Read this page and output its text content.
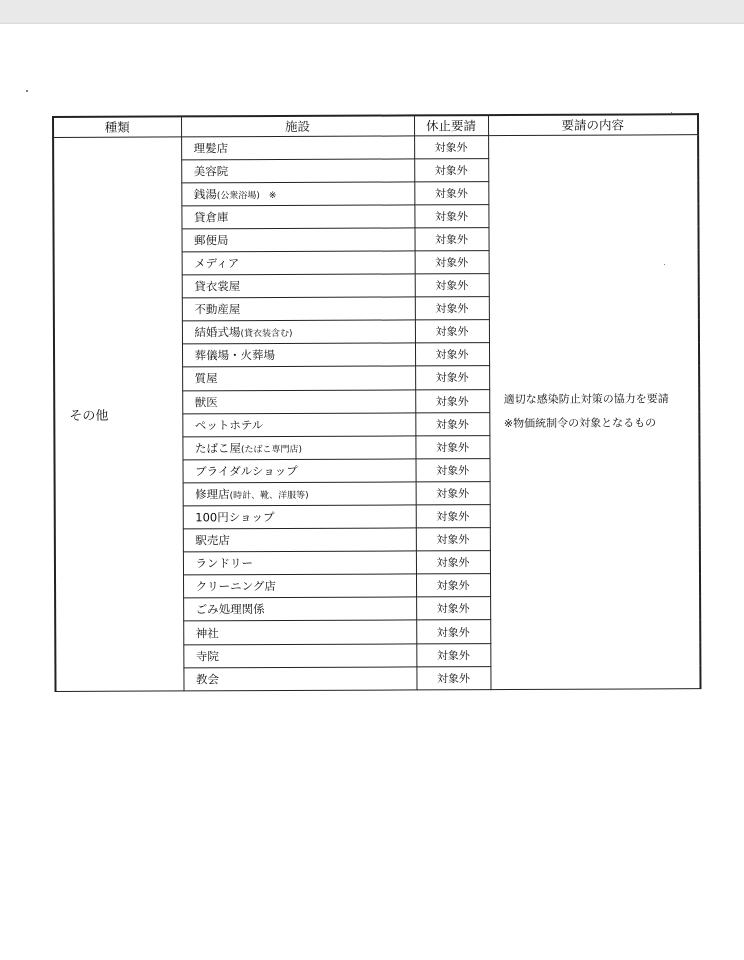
種類	施設	休止要請	要請の内容
その他	理髪店	対象外	適切な感染防止対策の協力を要請
※物価統制令の対象となるもの

	美容院	対象外	
	銭湯(公衆浴場)　※	対象外	
	貸倉庫	対象外	
	郵便局	対象外	
	メディア	対象外	
	貸衣裳屋	対象外	
	不動産屋	対象外	
	結婚式場(貸衣装含む)	対象外	
	葬儀場・火葬場	対象外	
	質屋	対象外	
	獣医	対象外	
	ペットホテル	対象外	
	たばこ屋(たばこ専門店)	対象外	
	ブライダルショップ	対象外	
	修理店(時計、靴、洋服等)	対象外	
	100円ショップ	対象外	
	駅売店	対象外	
	ランドリー	対象外	
	クリーニング店	対象外	
	ごみ処理関係	対象外	
	神社	対象外	
	寺院	対象外	
	教会	対象外	
